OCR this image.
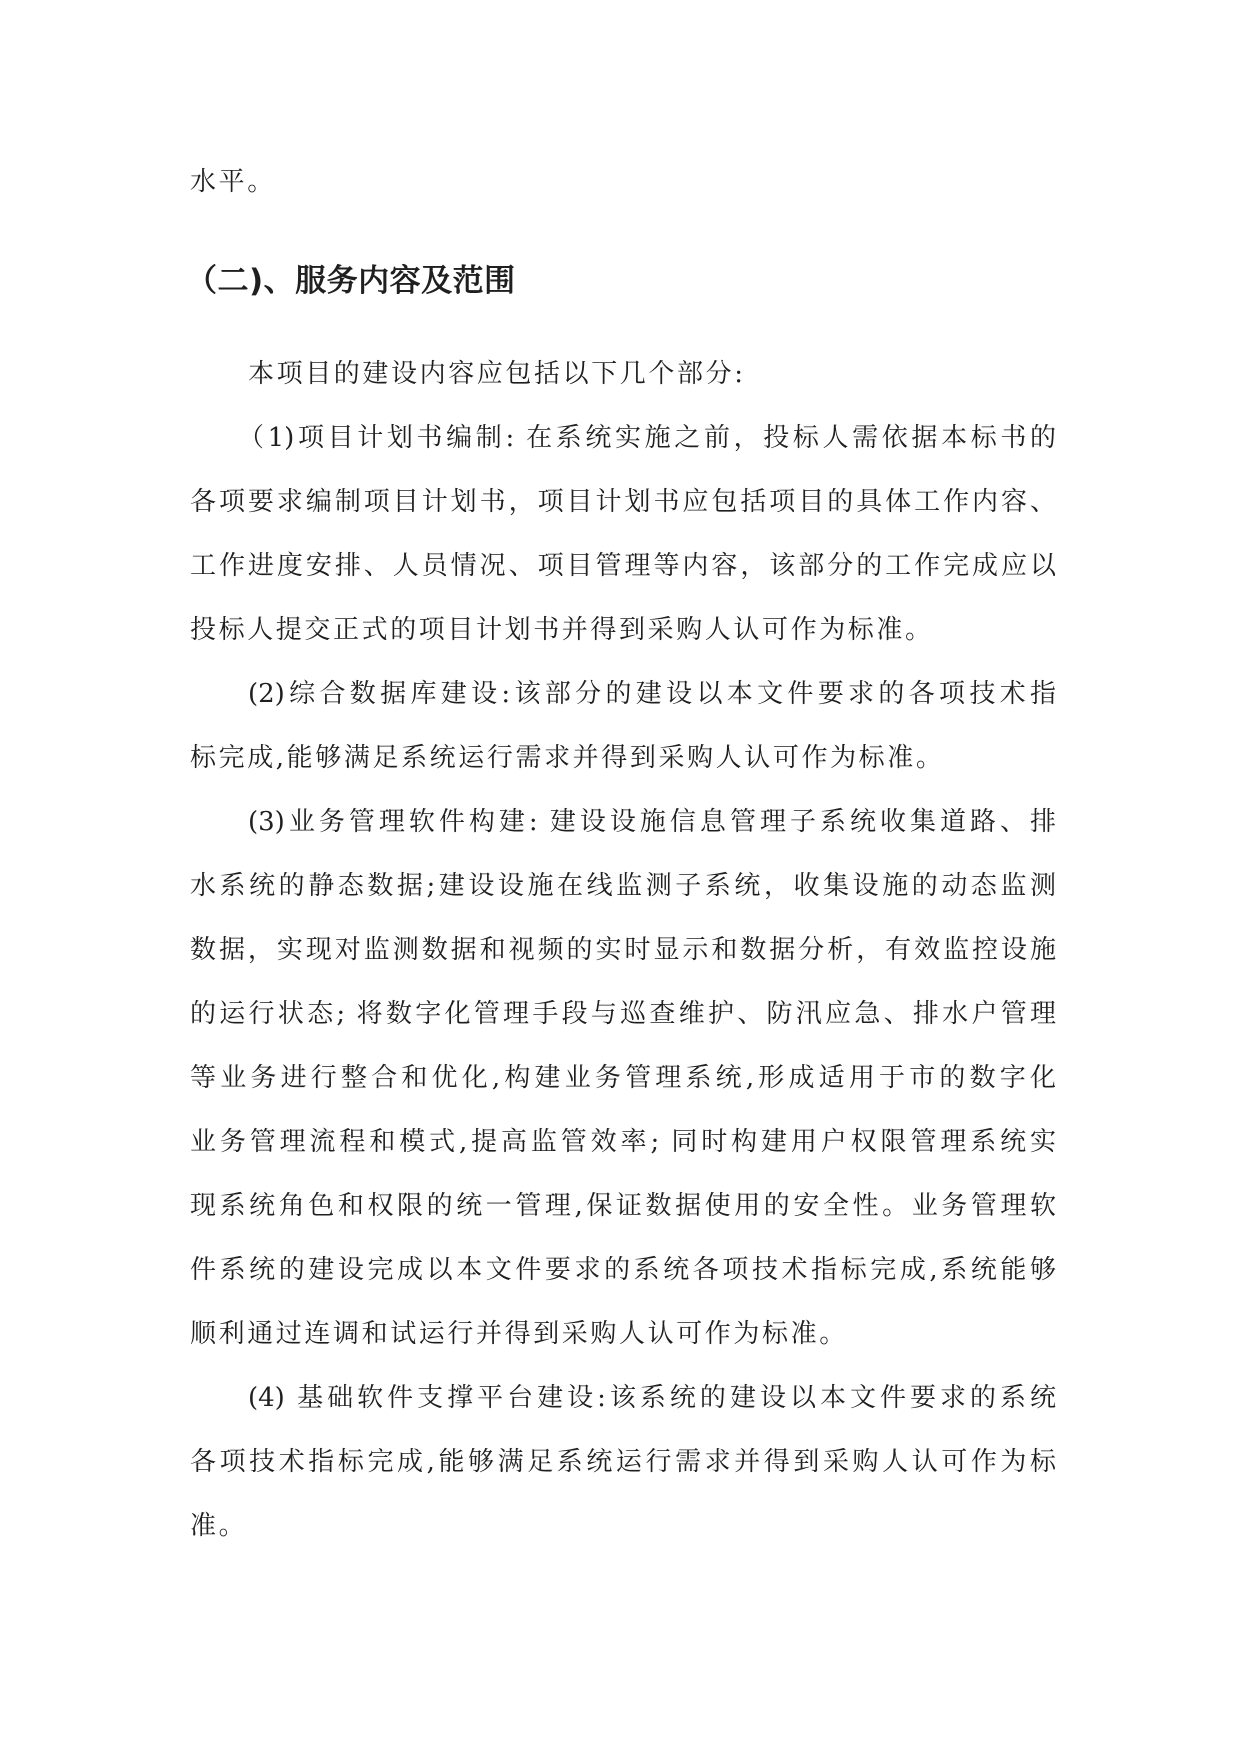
水平。

（二)、服务内容及范围

本项目的建设内容应包括以下几个部分:

（1)项目计划书编制: 在系统实施之前，投标人需依据本标书的

各项要求编制项目计划书，项目计划书应包括项目的具体工作内容、

工作进度安排、人员情况、项目管理等内容，该部分的工作完成应以

投标人提交正式的项目计划书并得到采购人认可作为标准。

(2)综合数据库建设:该部分的建设以本文件要求的各项技术指

标完成,能够满足系统运行需求并得到采购人认可作为标准。

(3)业务管理软件构建: 建设设施信息管理子系统收集道路、排

水系统的静态数据;建设设施在线监测子系统，收集设施的动态监测

数据，实现对监测数据和视频的实时显示和数据分析，有效监控设施

的运行状态; 将数字化管理手段与巡查维护、防汛应急、排水户管理

等业务进行整合和优化,构建业务管理系统,形成适用于市的数字化

业务管理流程和模式,提高监管效率; 同时构建用户权限管理系统实

现系统角色和权限的统一管理,保证数据使用的安全性。业务管理软

件系统的建设完成以本文件要求的系统各项技术指标完成,系统能够

顺利通过连调和试运行并得到采购人认可作为标准。

(4) 基础软件支撑平台建设:该系统的建设以本文件要求的系统

各项技术指标完成,能够满足系统运行需求并得到采购人认可作为标

准。
